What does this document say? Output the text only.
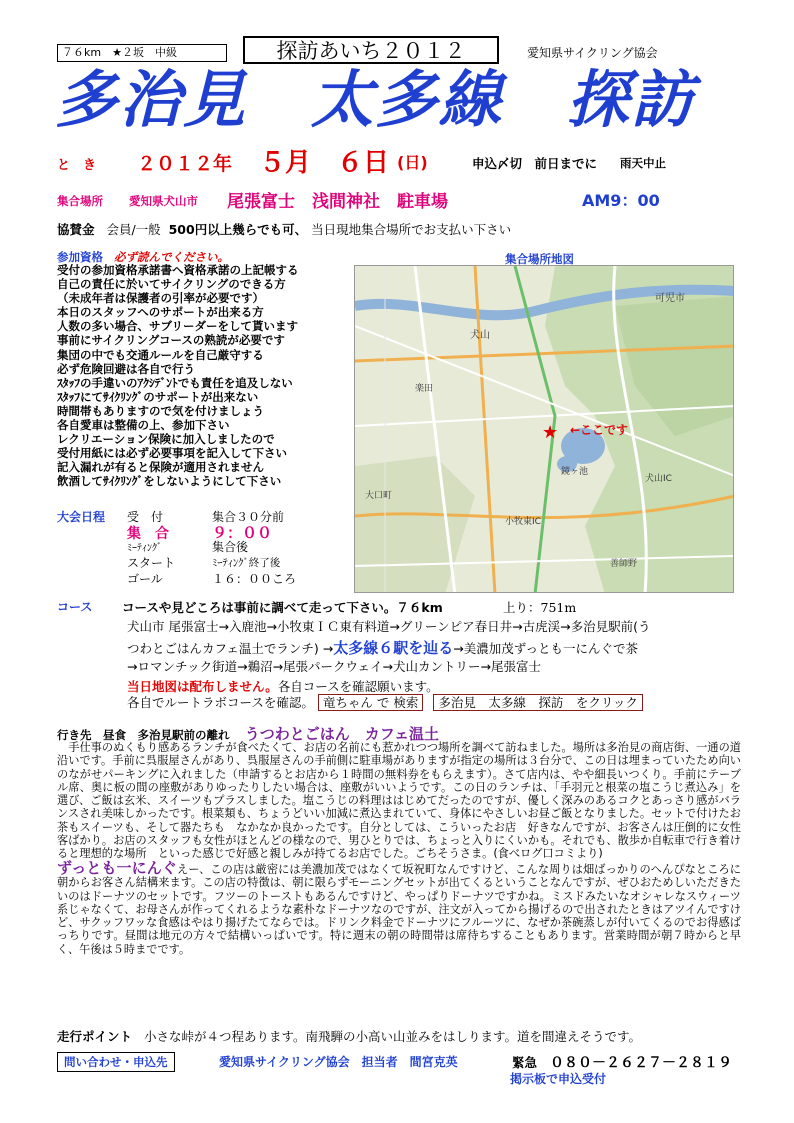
７６km　★２坂　中級	探訪あいち２０１２	愛知県サイクリング協会
多治見　太多線　探訪
と　き ２０１２年 ５月 ６日 (日)	申込〆切　前日までに 雨天中止
集合場所 愛知県犬山市 尾張富士　浅間神社　駐車場	AM9：00
協賛金 会員/一般 500円以上幾らでも可、 当日現地集合場所でお支払い下さい
参加資格 必ず読んでください。
受付の参加資格承諾書へ資格承諾の上記帳する
自己の責任に於いてサイクリングのできる方
（未成年者は保護者の引率が必要です）
本日のスタッフへのサポートが出来る方
人数の多い場合、サブリーダーをして貰います
事前にサイクリングコースの熟読が必要です
集団の中でも交通ルールを自己厳守する
必ず危険回避は各自で行う
ｽﾀｯﾌの手違いのｱｸｼﾃﾞﾝﾄでも責任を追及しない
ｽﾀｯﾌにてｻｲｸﾘﾝｸﾞのサポートが出来ない
時間帯もありますので気を付けましょう
各自愛車は整備の上、参加下さい
レクリエーション保険に加入しましたので
受付用紙には必ず必要事項を記入して下さい
記入漏れが有ると保険が適用されません
飲酒してｻｲｸﾘﾝｸﾞをしないようにして下さい
集合場所地図
犬山
鏡ヶ池
小牧東IC
犬山IC
可児市
楽田
大口町
善師野
★ ←ここです
大会日程 受　付	集合３０分前
集　合	９：００
ﾐｰﾃｨﾝｸﾞ	集合後
スタート	ﾐｰﾃｨﾝｸﾞ終了後
ゴール	１６：００ころ
コース コースや見どころは事前に調べて走って下さい。７６km	上り：751m
犬山市 尾張富士→入鹿池→小牧東ＩＣ東有料道→グリーンピア春日井→古虎渓→多治見駅前(う
つわとごはんカフェ温土でランチ) →太多線６駅を辿る→美濃加茂ずっとも一にんぐで茶
→ロマンチック街道→鵜沼→尾張パークウェイ→犬山カントリー→尾張富士
当日地図は配布しません。各自コースを確認願います。
各自でルートラボコースを確認。 竜ちゃん で 検索 多治見　太多線　探訪　をクリック
行き先　昼食　多治見駅前の離れ うつわとごはん　カフェ温土
　手仕事のぬくもり感あるランチが食べたくて、お店の名前にも惹かれつつ場所を調べて訪ねました。場所は多治見の商店街、一通の道沿いです。手前に呉服屋さんがあり、呉服屋さんの手前側に駐車場がありますが指定の場所は３台分で、この日は埋まっていたため向いのながせパーキングに入れました（申請するとお店から１時間の無料券をもらえます）。さて店内は、やや細長いつくり。手前にテーブル席、奥に板の間の座敷がありゆったりしたい場合は、座敷がいいようです。この日のランチは、「手羽元と根菜の塩こうじ煮込み」を選び、ご飯は玄米、スイーツもプラスしました。塩こうじの料理ははじめてだったのですが、優しく深みのあるコクとあっさり感がバランスされ美味しかったです。根菜類も、ちょうどいい加減に煮込まれていて、身体にやさしいお昼ご飯となりました。セットで付けたお茶もスイーツも、そして器たちも　なかなか良かったです。自分としては、こういったお店　好きなんですが、お客さんは圧倒的に女性客ばかり。お店のスタッフも女性がほとんどの様なので、男ひとりでは、ちょっと入りにくいかも。それでも、散歩か自転車で行き着けると理想的な場所　といった感じで好感と親しみが持てるお店でした。ごちそうさま。(食べログ口コミより)
ずっとも一にんぐえー、この店は厳密には美濃加茂ではなくて坂祝町なんですけど、こんな周りは畑ばっかりのへんぴなところに朝からお客さん結構来ます。この店の特徴は、朝に限らずモーニングセットが出てくるということなんですが、ぜひおためしいただきたいのはドーナツのセットです。フツーのトーストもあるんですけど、やっぱりドーナツですかね。ミスドみたいなオシャレなスウィーツ系じゃなくて、お母さんが作ってくれるような素朴なドーナツなのですが、注文が入ってから揚げるので出されたときはアツイんですけど、サクッフワッな食感はやはり揚げたてならでは。ドリンク料金でドーナツにフルーツに、なぜか茶碗蒸しが付いてくるのでお得感ばっちりです。昼間は地元の方々で結構いっぱいです。特に週末の朝の時間帯は席待ちすることもあります。営業時間が朝７時からと早く、午後は５時までです。
走行ポイント 小さな峠が４つ程あります。南飛騨の小高い山並みをはしります。道を間違えそうです。
問い合わせ・申込先	愛知県サイクリング協会　担当者　間宮克英	緊急 ０８０－２６２７－２８１９
掲示板で申込受付
